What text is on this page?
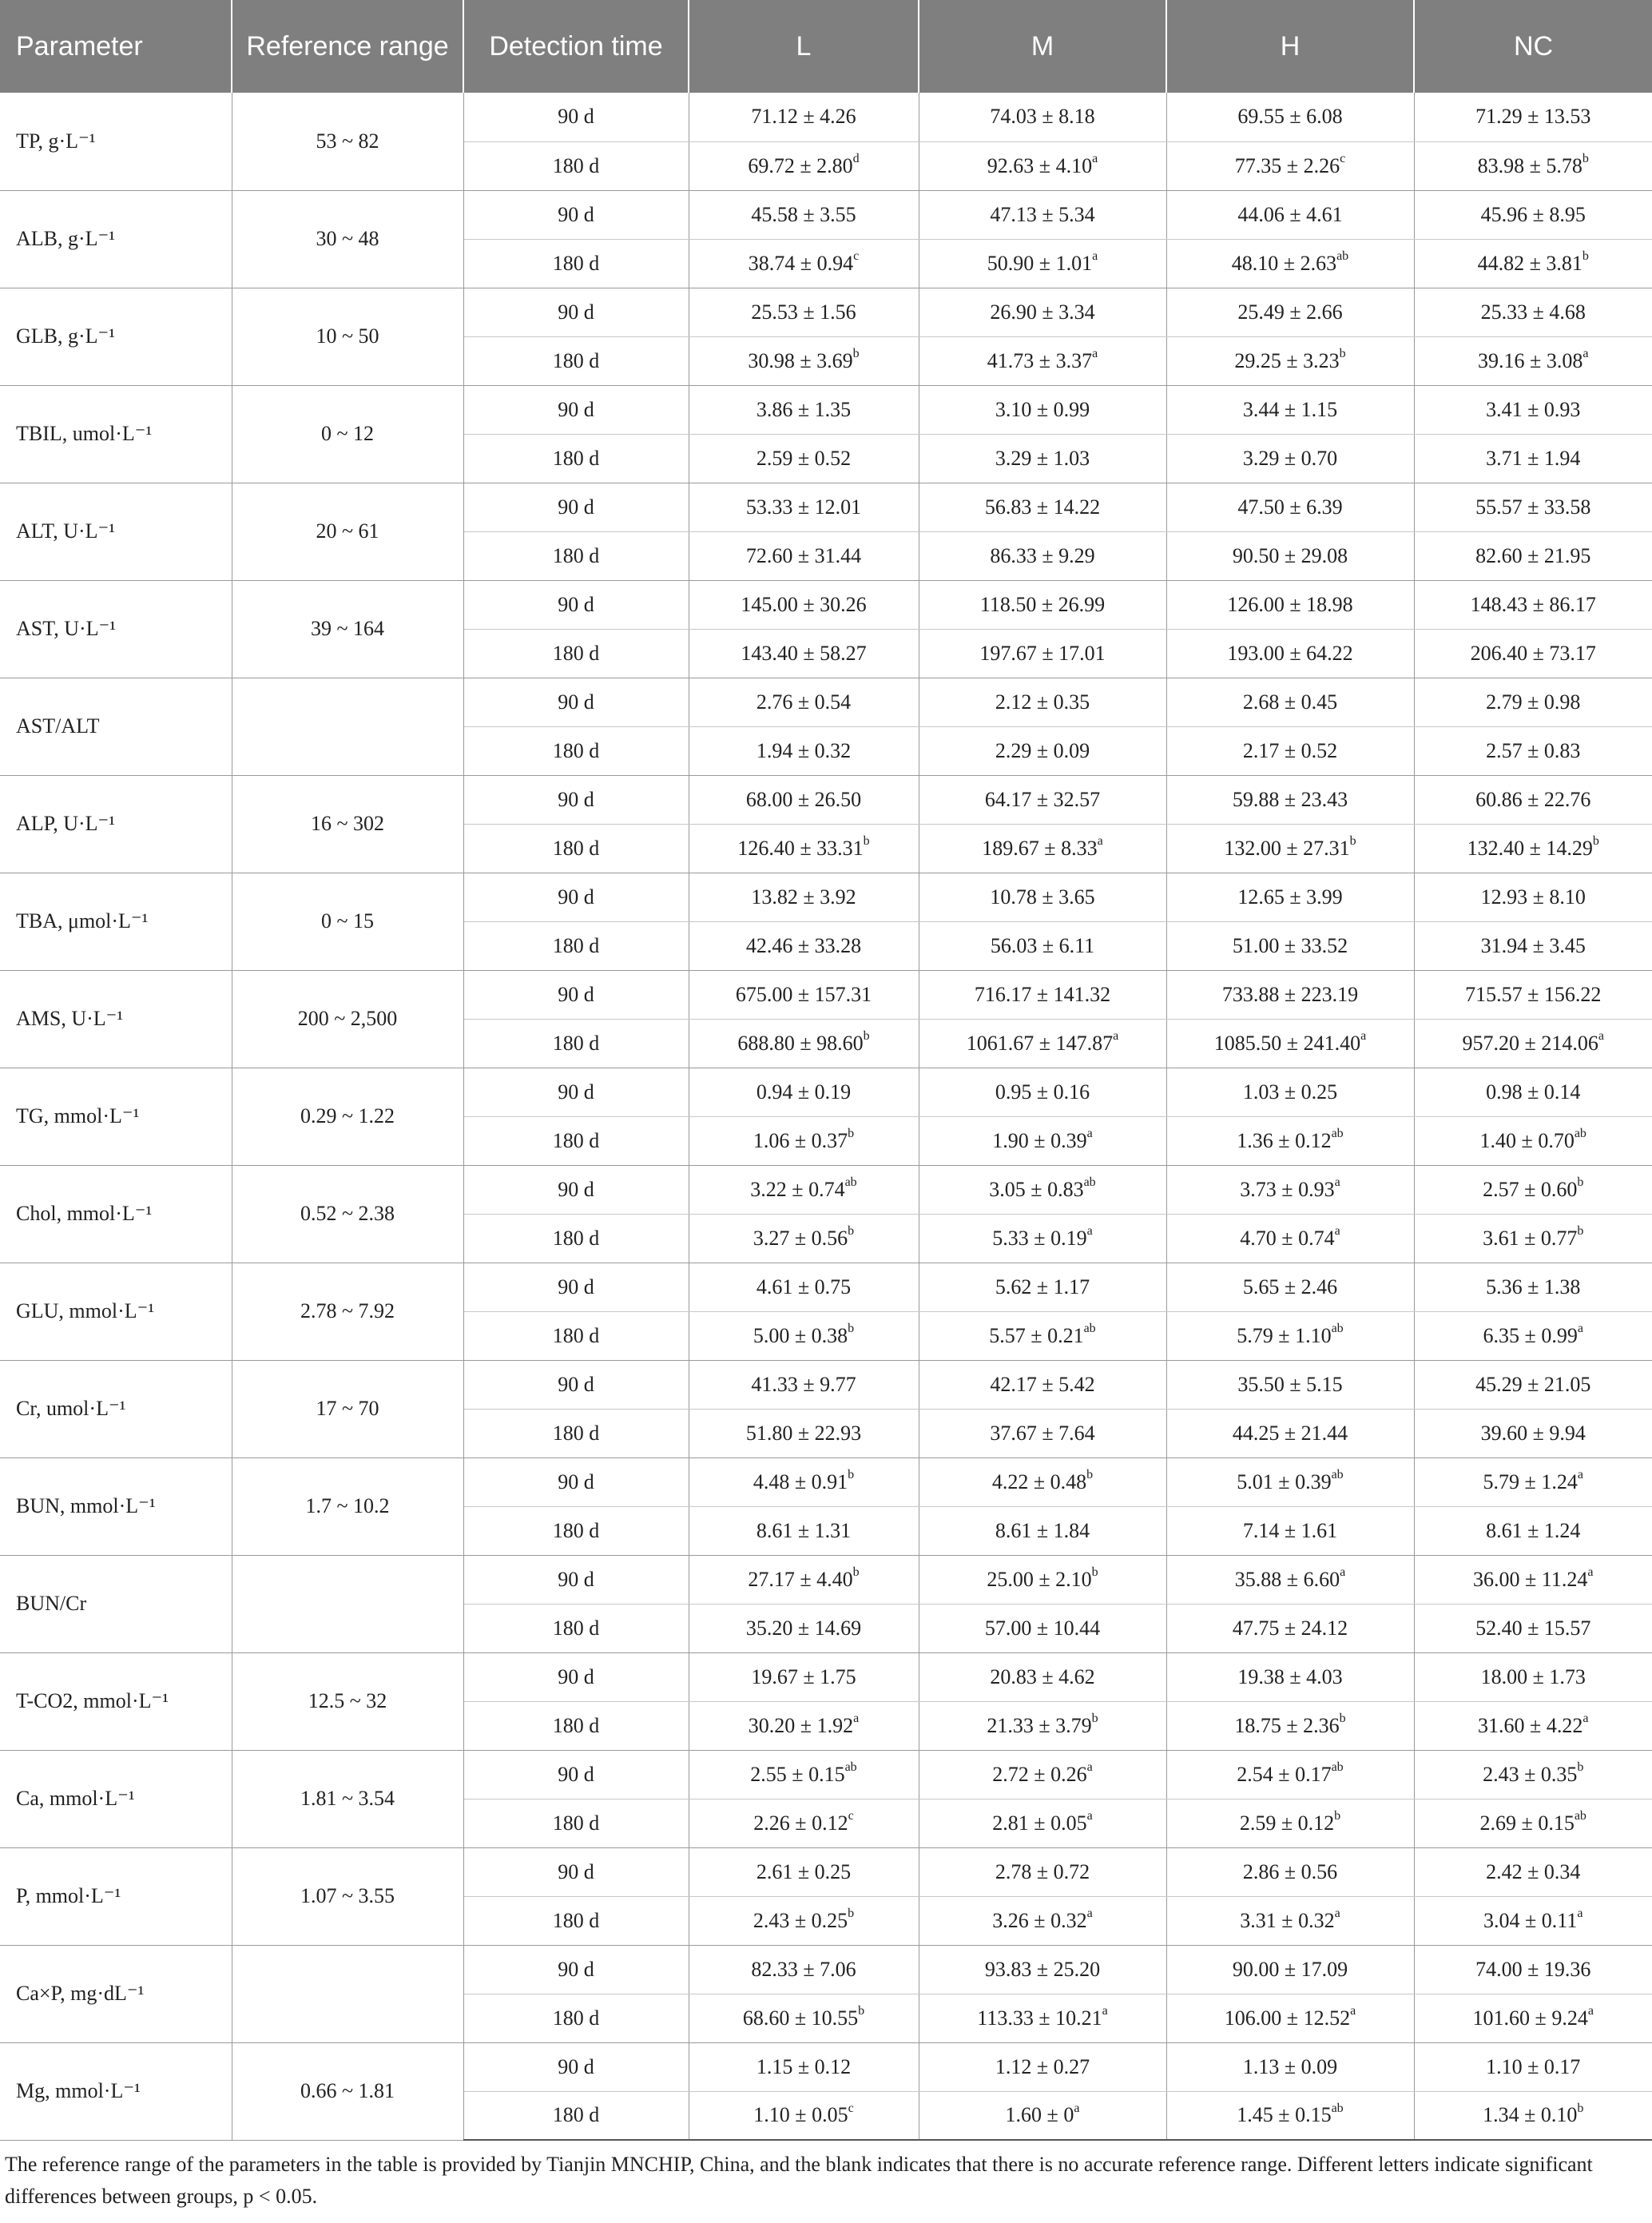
Parameter	Reference range	Detection time	L	M	H	NC
TP, g·L⁻¹	53 ~ 82	90 d	71.12 ± 4.26	74.03 ± 8.18	69.55 ± 6.08	71.29 ± 13.53
		180 d	69.72 ± 2.80$^d$	92.63 ± 4.10$^a$	77.35 ± 2.26$^c$	83.98 ± 5.78$^b$
ALB, g·L⁻¹	30 ~ 48	90 d	45.58 ± 3.55	47.13 ± 5.34	44.06 ± 4.61	45.96 ± 8.95
		180 d	38.74 ± 0.94$^c$	50.90 ± 1.01$^a$	48.10 ± 2.63$^{ab}$	44.82 ± 3.81$^b$
GLB, g·L⁻¹	10 ~ 50	90 d	25.53 ± 1.56	26.90 ± 3.34	25.49 ± 2.66	25.33 ± 4.68
		180 d	30.98 ± 3.69$^b$	41.73 ± 3.37$^a$	29.25 ± 3.23$^b$	39.16 ± 3.08$^a$
TBIL, umol·L⁻¹	0 ~ 12	90 d	3.86 ± 1.35	3.10 ± 0.99	3.44 ± 1.15	3.41 ± 0.93
		180 d	2.59 ± 0.52	3.29 ± 1.03	3.29 ± 0.70	3.71 ± 1.94
ALT, U·L⁻¹	20 ~ 61	90 d	53.33 ± 12.01	56.83 ± 14.22	47.50 ± 6.39	55.57 ± 33.58
		180 d	72.60 ± 31.44	86.33 ± 9.29	90.50 ± 29.08	82.60 ± 21.95
AST, U·L⁻¹	39 ~ 164	90 d	145.00 ± 30.26	118.50 ± 26.99	126.00 ± 18.98	148.43 ± 86.17
		180 d	143.40 ± 58.27	197.67 ± 17.01	193.00 ± 64.22	206.40 ± 73.17
AST/ALT		90 d	2.76 ± 0.54	2.12 ± 0.35	2.68 ± 0.45	2.79 ± 0.98
		180 d	1.94 ± 0.32	2.29 ± 0.09	2.17 ± 0.52	2.57 ± 0.83
ALP, U·L⁻¹	16 ~ 302	90 d	68.00 ± 26.50	64.17 ± 32.57	59.88 ± 23.43	60.86 ± 22.76
		180 d	126.40 ± 33.31$^b$	189.67 ± 8.33$^a$	132.00 ± 27.31$^b$	132.40 ± 14.29$^b$
TBA, μmol·L⁻¹	0 ~ 15	90 d	13.82 ± 3.92	10.78 ± 3.65	12.65 ± 3.99	12.93 ± 8.10
		180 d	42.46 ± 33.28	56.03 ± 6.11	51.00 ± 33.52	31.94 ± 3.45
AMS, U·L⁻¹	200 ~ 2,500	90 d	675.00 ± 157.31	716.17 ± 141.32	733.88 ± 223.19	715.57 ± 156.22
		180 d	688.80 ± 98.60$^b$	1061.67 ± 147.87$^a$	1085.50 ± 241.40$^a$	957.20 ± 214.06$^a$
TG, mmol·L⁻¹	0.29 ~ 1.22	90 d	0.94 ± 0.19	0.95 ± 0.16	1.03 ± 0.25	0.98 ± 0.14
		180 d	1.06 ± 0.37$^b$	1.90 ± 0.39$^a$	1.36 ± 0.12$^{ab}$	1.40 ± 0.70$^{ab}$
Chol, mmol·L⁻¹	0.52 ~ 2.38	90 d	3.22 ± 0.74$^{ab}$	3.05 ± 0.83$^{ab}$	3.73 ± 0.93$^a$	2.57 ± 0.60$^b$
		180 d	3.27 ± 0.56$^b$	5.33 ± 0.19$^a$	4.70 ± 0.74$^a$	3.61 ± 0.77$^b$
GLU, mmol·L⁻¹	2.78 ~ 7.92	90 d	4.61 ± 0.75	5.62 ± 1.17	5.65 ± 2.46	5.36 ± 1.38
		180 d	5.00 ± 0.38$^b$	5.57 ± 0.21$^{ab}$	5.79 ± 1.10$^{ab}$	6.35 ± 0.99$^a$
Cr, umol·L⁻¹	17 ~ 70	90 d	41.33 ± 9.77	42.17 ± 5.42	35.50 ± 5.15	45.29 ± 21.05
		180 d	51.80 ± 22.93	37.67 ± 7.64	44.25 ± 21.44	39.60 ± 9.94
BUN, mmol·L⁻¹	1.7 ~ 10.2	90 d	4.48 ± 0.91$^b$	4.22 ± 0.48$^b$	5.01 ± 0.39$^{ab}$	5.79 ± 1.24$^a$
		180 d	8.61 ± 1.31	8.61 ± 1.84	7.14 ± 1.61	8.61 ± 1.24
BUN/Cr		90 d	27.17 ± 4.40$^b$	25.00 ± 2.10$^b$	35.88 ± 6.60$^a$	36.00 ± 11.24$^a$
		180 d	35.20 ± 14.69	57.00 ± 10.44	47.75 ± 24.12	52.40 ± 15.57
T-CO2, mmol·L⁻¹	12.5 ~ 32	90 d	19.67 ± 1.75	20.83 ± 4.62	19.38 ± 4.03	18.00 ± 1.73
		180 d	30.20 ± 1.92$^a$	21.33 ± 3.79$^b$	18.75 ± 2.36$^b$	31.60 ± 4.22$^a$
Ca, mmol·L⁻¹	1.81 ~ 3.54	90 d	2.55 ± 0.15$^{ab}$	2.72 ± 0.26$^a$	2.54 ± 0.17$^{ab}$	2.43 ± 0.35$^b$
		180 d	2.26 ± 0.12$^c$	2.81 ± 0.05$^a$	2.59 ± 0.12$^b$	2.69 ± 0.15$^{ab}$
P, mmol·L⁻¹	1.07 ~ 3.55	90 d	2.61 ± 0.25	2.78 ± 0.72	2.86 ± 0.56	2.42 ± 0.34
		180 d	2.43 ± 0.25$^b$	3.26 ± 0.32$^a$	3.31 ± 0.32$^a$	3.04 ± 0.11$^a$
Ca×P, mg·dL⁻¹		90 d	82.33 ± 7.06	93.83 ± 25.20	90.00 ± 17.09	74.00 ± 19.36
		180 d	68.60 ± 10.55$^b$	113.33 ± 10.21$^a$	106.00 ± 12.52$^a$	101.60 ± 9.24$^a$
Mg, mmol·L⁻¹	0.66 ~ 1.81	90 d	1.15 ± 0.12	1.12 ± 0.27	1.13 ± 0.09	1.10 ± 0.17
		180 d	1.10 ± 0.05$^c$	$1.60 \pm 0^a$	1.45 ± 0.15$^{ab}$	1.34 ± 0.10$^b$
The reference range of the parameters in the table is provided by Tianjin MNCHIP, China, and the blank indicates that there is no accurate reference range. Different letters indicate significant differences between groups, p < 0.05.
